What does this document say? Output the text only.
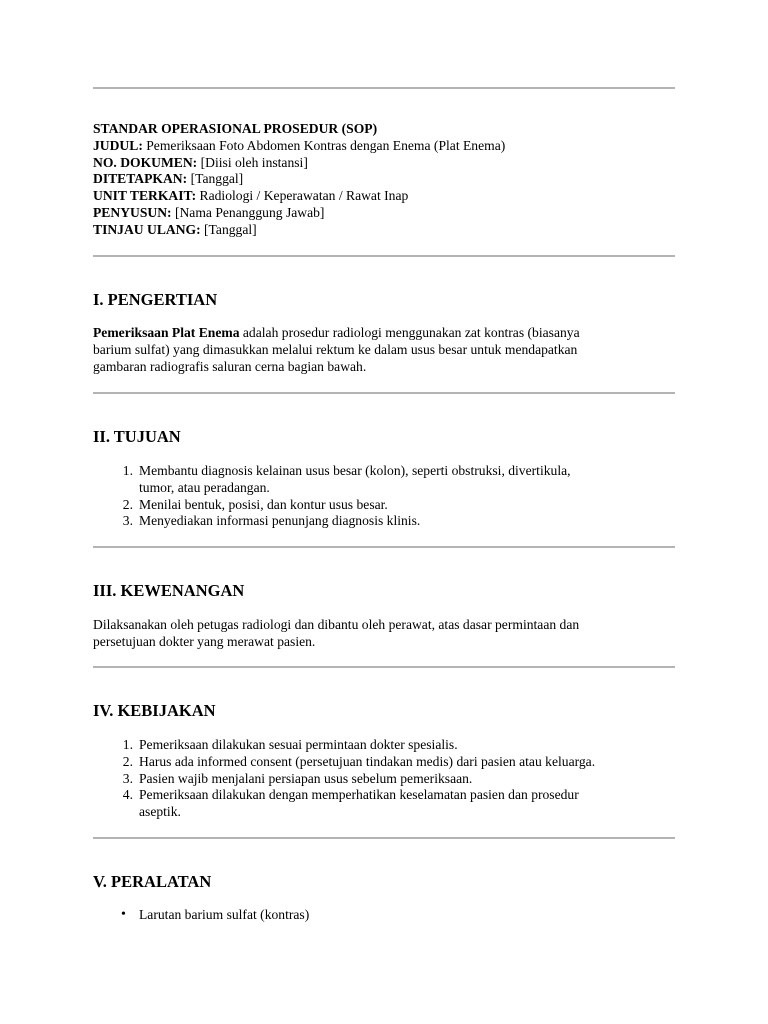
STANDAR OPERASIONAL PROSEDUR (SOP)
JUDUL: Pemeriksaan Foto Abdomen Kontras dengan Enema (Plat Enema)
NO. DOKUMEN: [Diisi oleh instansi]
DITETAPKAN: [Tanggal]
UNIT TERKAIT: Radiologi / Keperawatan / Rawat Inap
PENYUSUN: [Nama Penanggung Jawab]
TINJAU ULANG: [Tanggal]
I. PENGERTIAN
Pemeriksaan Plat Enema adalah prosedur radiologi menggunakan zat kontras (biasanya
barium sulfat) yang dimasukkan melalui rektum ke dalam usus besar untuk mendapatkan
gambaran radiografis saluran cerna bagian bawah.
II. TUJUAN
1. Membantu diagnosis kelainan usus besar (kolon), seperti obstruksi, divertikula,
tumor, atau peradangan.
2. Menilai bentuk, posisi, dan kontur usus besar.
3. Menyediakan informasi penunjang diagnosis klinis.
III. KEWENANGAN
Dilaksanakan oleh petugas radiologi dan dibantu oleh perawat, atas dasar permintaan dan
persetujuan dokter yang merawat pasien.
IV. KEBIJAKAN
1. Pemeriksaan dilakukan sesuai permintaan dokter spesialis.
2. Harus ada informed consent (persetujuan tindakan medis) dari pasien atau keluarga.
3. Pasien wajib menjalani persiapan usus sebelum pemeriksaan.
4. Pemeriksaan dilakukan dengan memperhatikan keselamatan pasien dan prosedur
aseptik.
V. PERALATAN
• Larutan barium sulfat (kontras)
